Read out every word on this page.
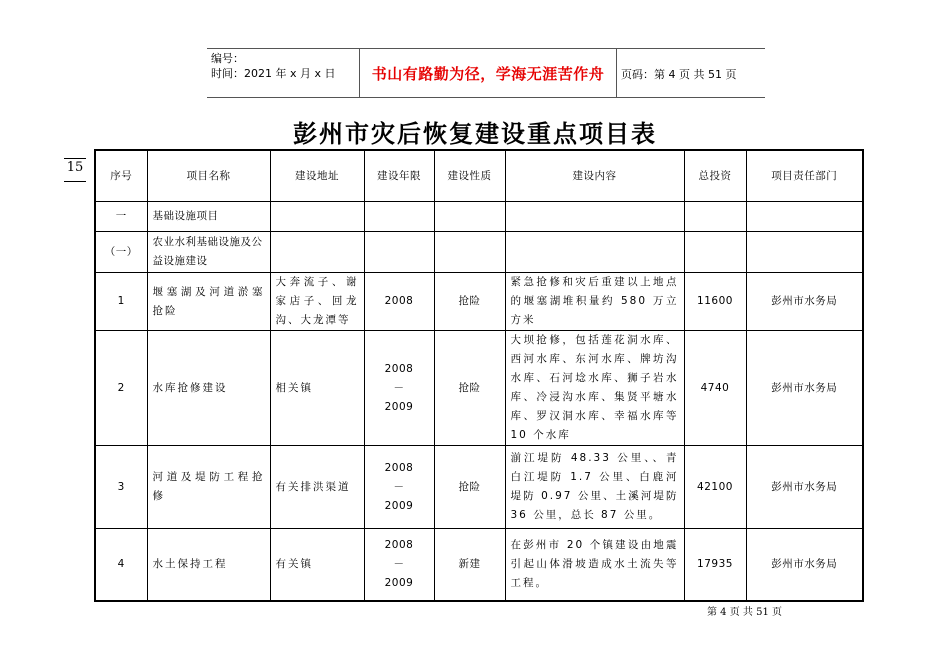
编号：
时间：2021 年 x 月 x 日	书山有路勤为径，学海无涯苦作舟	页码：第 4 页 共 51 页
彭州市灾后恢复建设重点项目表
15
序号	项目名称	建设地址	建设年限	建设性质	建设内容	总投资	项目责任部门
一	基础设施项目						
（一）	农业水利基础设施及公益设施建设						
1	堰塞湖及河道淤塞抢险	大奔流子、谢家店子、回龙沟、大龙潭等	2008	抢险	紧急抢修和灾后重建以上地点的堰塞湖堆积量约 580 万立方米	11600	彭州市水务局
2	水库抢修建设	相关镇	2008
－
2009	抢险	大坝抢修，包括莲花洞水库、西河水库、东河水库、牌坊沟水库、石河埝水库、狮子岩水库、冷浸沟水库、集贤平塘水库、罗汉洞水库、幸福水库等 10 个水库	4740	彭州市水务局
3	河道及堤防工程抢修	有关排洪渠道	2008
－
2009	抢险	湔江堤防 48.33 公里、、青白江堤防 1.7 公里、白鹿河堤防 0.97 公里、土溪河堤防 36 公里，总长 87 公里。	42100	彭州市水务局
4	水土保持工程	有关镇	2008
－
2009	新建	在彭州市 20 个镇建设由地震引起山体滑坡造成水土流失等工程。	17935	彭州市水务局
第 4 页 共 51 页
